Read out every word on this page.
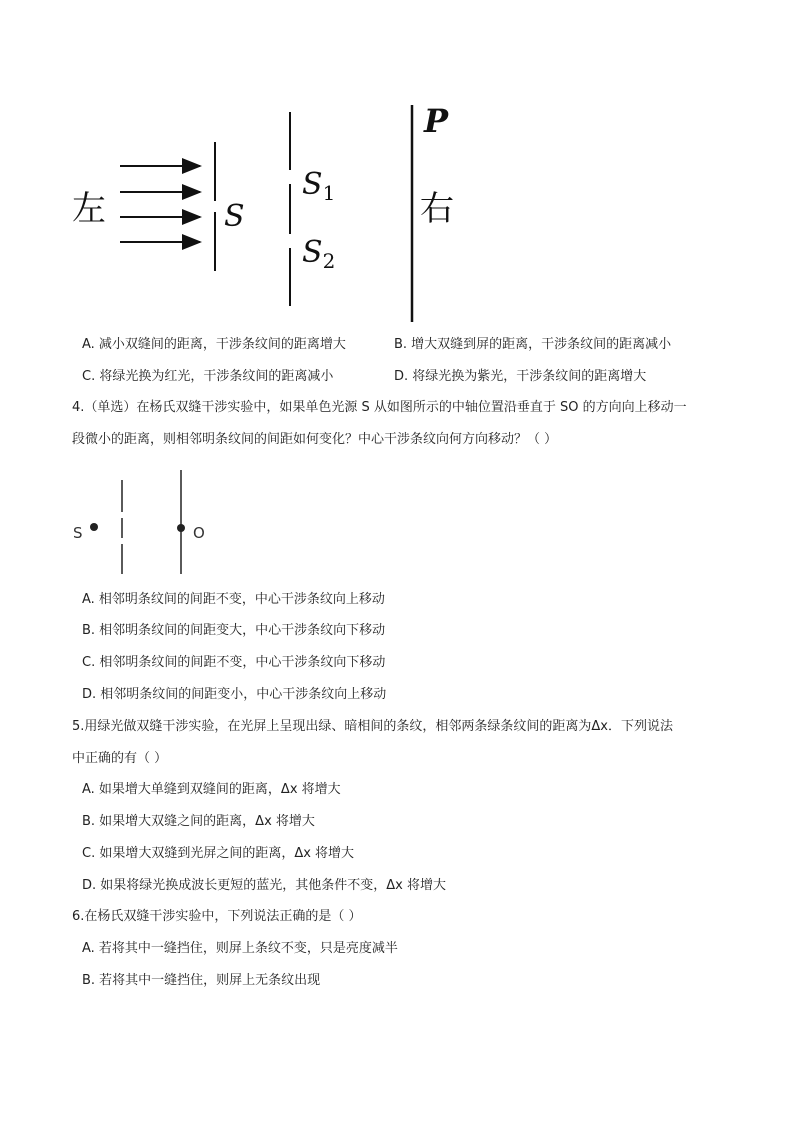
左	S
$S_1$
$S_2$
P
右
A. 减小双缝间的距离，干涉条纹间的距离增大	B. 增大双缝到屏的距离，干涉条纹间的距离减小
C. 将绿光换为红光，干涉条纹间的距离减小	D. 将绿光换为紫光，干涉条纹间的距离增大
4.（单选）在杨氏双缝干涉实验中，如果单色光源 S 从如图所示的中轴位置沿垂直于 SO 的方向向上移动一
段微小的距离，则相邻明条纹间的间距如何变化？中心干涉条纹向何方向移动？（ ）
S	O
A. 相邻明条纹间的间距不变，中心干涉条纹向上移动
B. 相邻明条纹间的间距变大，中心干涉条纹向下移动
C. 相邻明条纹间的间距不变，中心干涉条纹向下移动
D. 相邻明条纹间的间距变小，中心干涉条纹向上移动
5.用绿光做双缝干涉实验，在光屏上呈现出绿、暗相间的条纹，相邻两条绿条纹间的距离为Δx．下列说法
中正确的有（ ）
A. 如果增大单缝到双缝间的距离，Δx 将增大
B. 如果增大双缝之间的距离，Δx 将增大
C. 如果增大双缝到光屏之间的距离，Δx 将增大
D. 如果将绿光换成波长更短的蓝光，其他条件不变，Δx 将增大
6.在杨氏双缝干涉实验中，下列说法正确的是（ ）
A. 若将其中一缝挡住，则屏上条纹不变，只是亮度减半
B. 若将其中一缝挡住，则屏上无条纹出现
